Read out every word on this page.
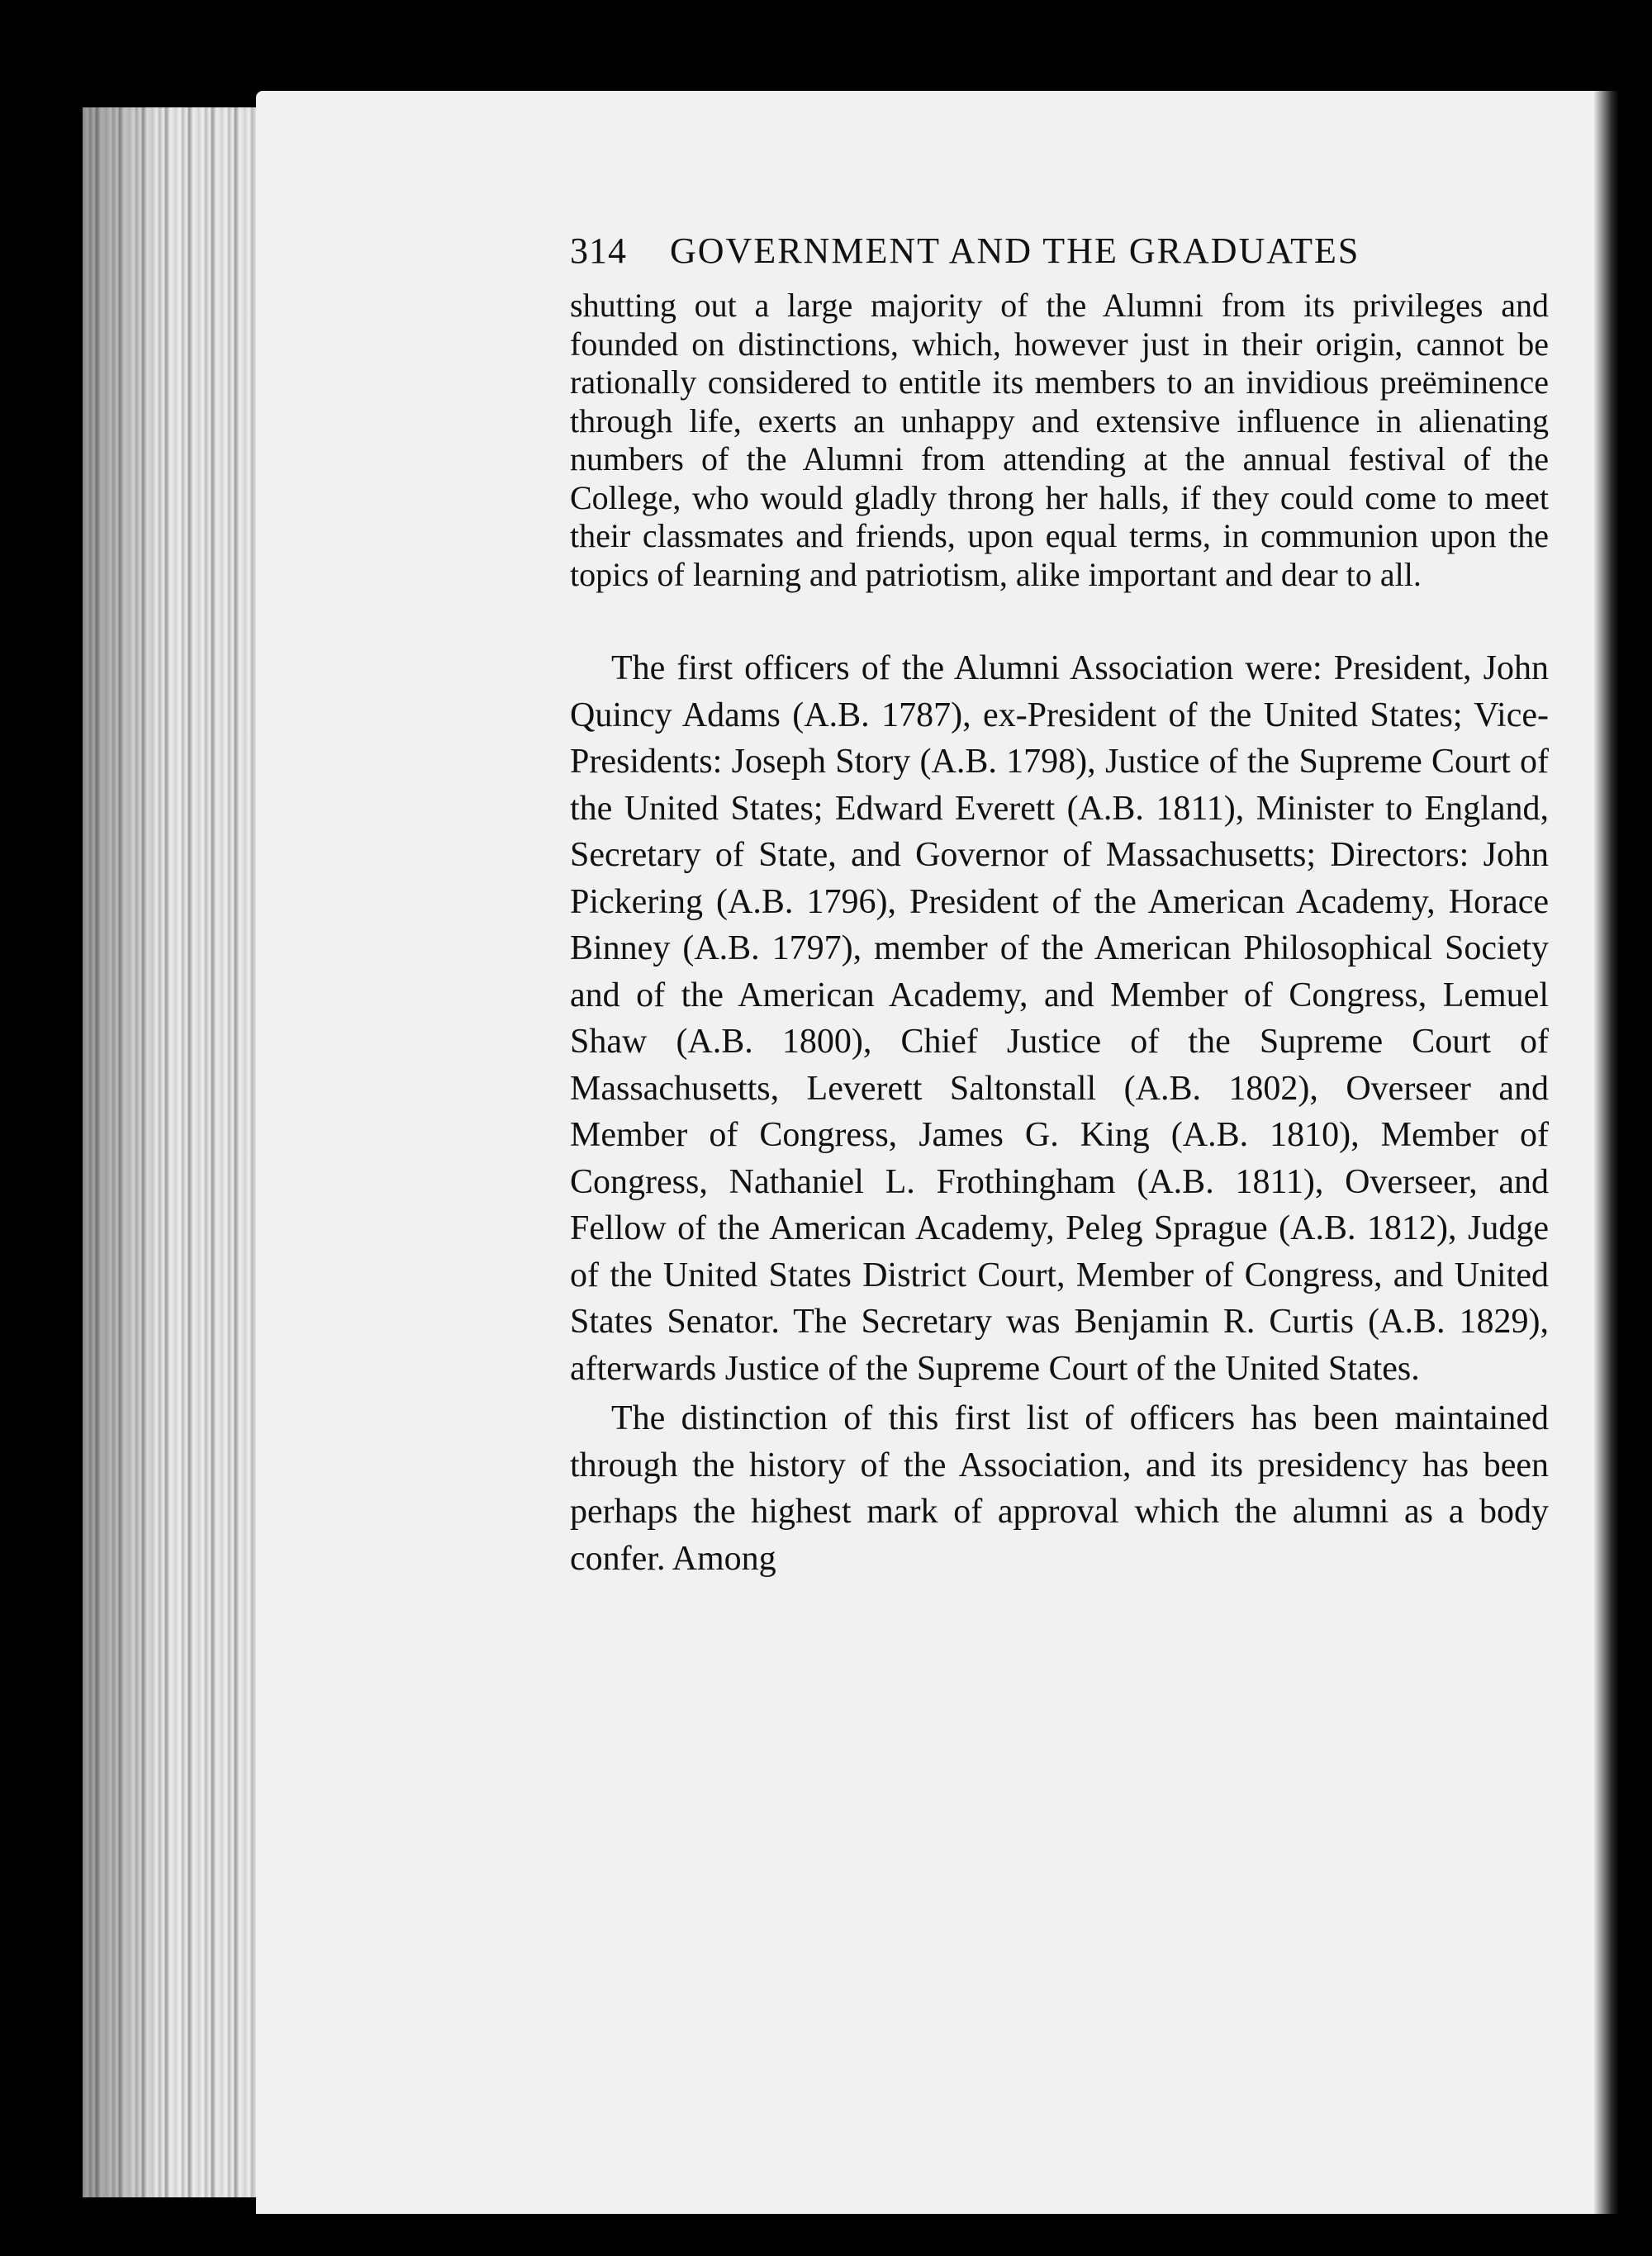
314 GOVERNMENT AND THE GRADUATES

shutting out a large majority of the Alumni from its privileges and founded on distinctions, which, however just in their origin, cannot be rationally considered to entitle its members to an invidious preëminence through life, exerts an unhappy and extensive influence in alienating numbers of the Alumni from attending at the annual festival of the College, who would gladly throng her halls, if they could come to meet their classmates and friends, upon equal terms, in communion upon the topics of learning and patriotism, alike important and dear to all.

The first officers of the Alumni Association were: President, John Quincy Adams (A.B. 1787), ex-President of the United States; Vice-Presidents: Joseph Story (A.B. 1798), Justice of the Supreme Court of the United States; Edward Everett (A.B. 1811), Minister to England, Secretary of State, and Governor of Massachusetts; Directors: John Pickering (A.B. 1796), President of the American Academy, Horace Binney (A.B. 1797), member of the American Philosophical Society and of the American Academy, and Member of Congress, Lemuel Shaw (A.B. 1800), Chief Justice of the Supreme Court of Massachusetts, Leverett Saltonstall (A.B. 1802), Overseer and Member of Congress, James G. King (A.B. 1810), Member of Congress, Nathaniel L. Frothingham (A.B. 1811), Overseer, and Fellow of the American Academy, Peleg Sprague (A.B. 1812), Judge of the United States District Court, Member of Congress, and United States Senator. The Secretary was Benjamin R. Curtis (A.B. 1829), afterwards Justice of the Supreme Court of the United States.

The distinction of this first list of officers has been maintained through the history of the Association, and its presidency has been perhaps the highest mark of approval which the alumni as a body confer. Among
